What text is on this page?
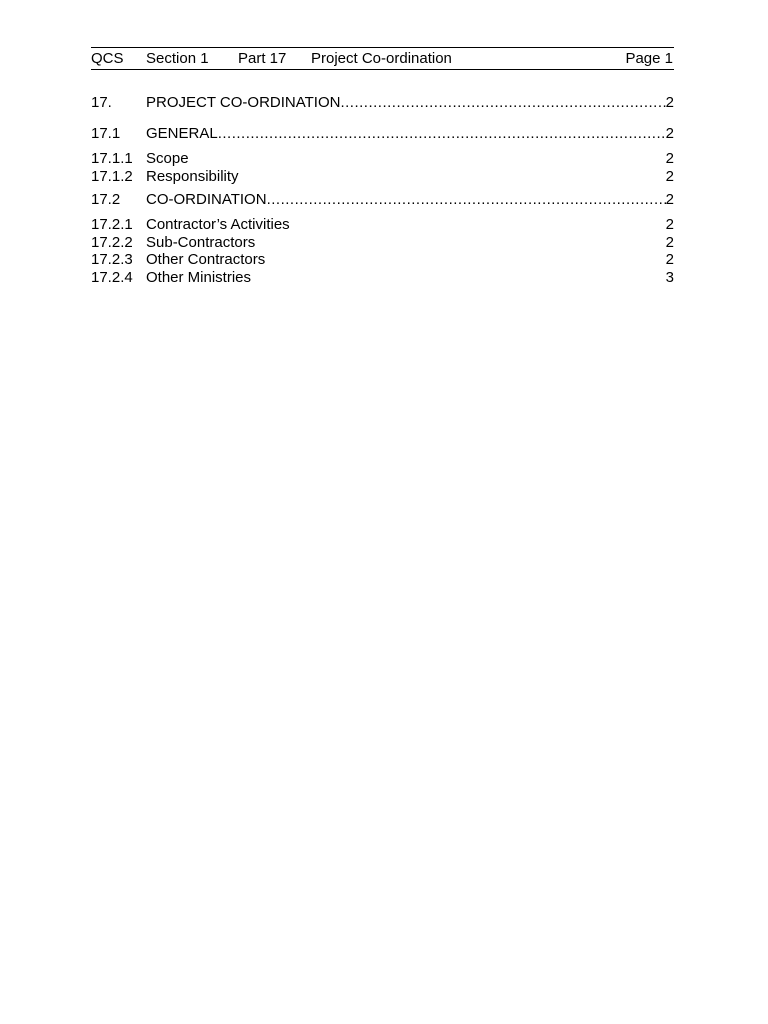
QCS Section 1 Part 17 Project Co-ordination	Page 1
17. PROJECT CO-ORDINATION .....	2
17.1 GENERAL .....	2
17.1.1 Scope	2
17.1.2 Responsibility	2
17.2 CO-ORDINATION .....	2
17.2.1 Contractor’s Activities	2
17.2.2 Sub-Contractors	2
17.2.3 Other Contractors	2
17.2.4 Other Ministries	3
